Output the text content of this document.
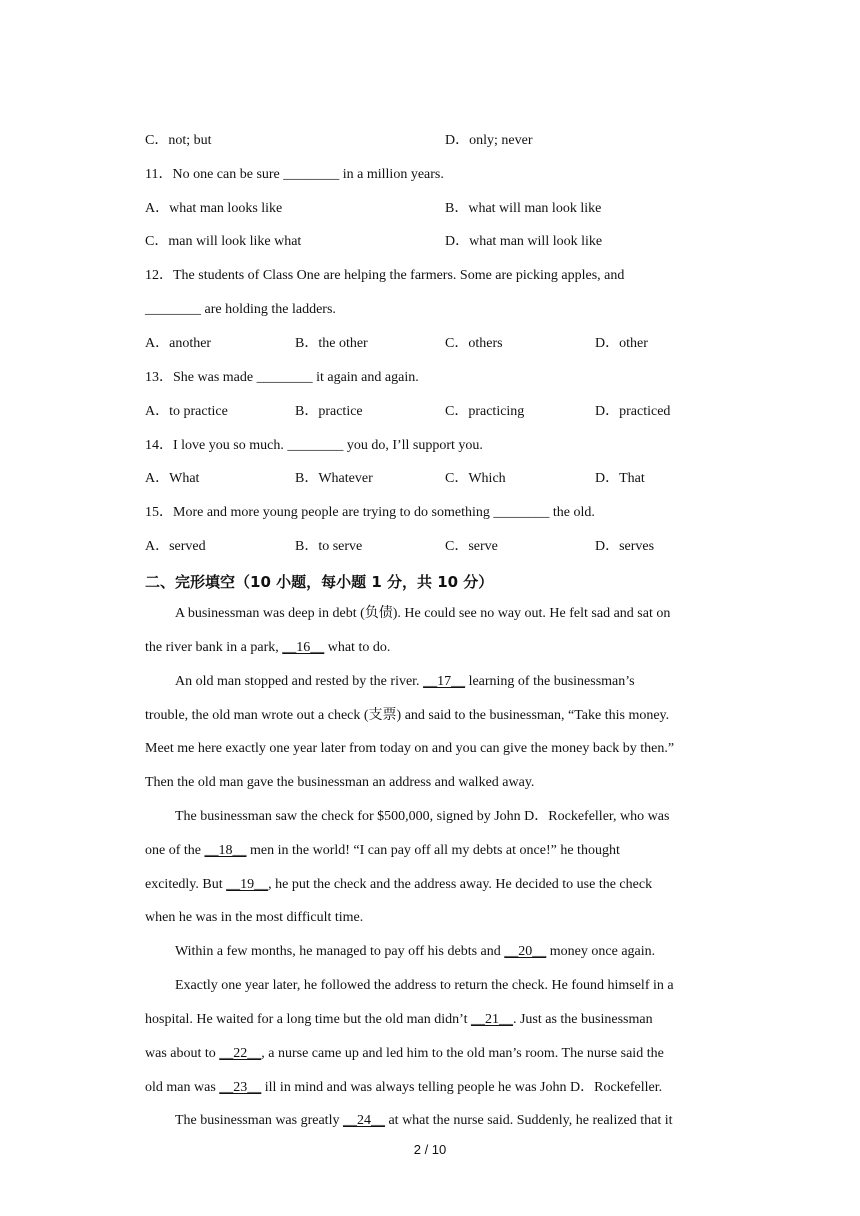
C．not; but	D．only; never
11．No one can be sure ________ in a million years.
A．what man looks like	B．what will man look like
C．man will look like what	D．what man will look like
12．The students of Class One are helping the farmers. Some are picking apples, and
________ are holding the ladders.
A．another	B．the other	C．others	D．other
13．She was made ________ it again and again.
A．to practice	B．practice	C．practicing	D．practiced
14．I love you so much. ________ you do, I’ll support you.
A．What	B．Whatever	C．Which	D．That
15．More and more young people are trying to do something ________ the old.
A．served	B．to serve	C．serve	D．serves
二、完形填空（10 小题，每小题 1 分，共 10 分）
A businessman was deep in debt (负债). He could see no way out. He felt sad and sat on
the river bank in a park, __16__ what to do.
An old man stopped and rested by the river. __17__ learning of the businessman’s
trouble, the old man wrote out a check (支票) and said to the businessman, “Take this money.
Meet me here exactly one year later from today on and you can give the money back by then.”
Then the old man gave the businessman an address and walked away.
The businessman saw the check for $500,000, signed by John D．Rockefeller, who was
one of the __18__ men in the world! “I can pay off all my debts at once!” he thought
excitedly. But __19__, he put the check and the address away. He decided to use the check
when he was in the most difficult time.
Within a few months, he managed to pay off his debts and __20__ money once again.
Exactly one year later, he followed the address to return the check. He found himself in a
hospital. He waited for a long time but the old man didn’t __21__. Just as the businessman
was about to __22__, a nurse came up and led him to the old man’s room. The nurse said the
old man was __23__ ill in mind and was always telling people he was John D．Rockefeller.
The businessman was greatly __24__ at what the nurse said. Suddenly, he realized that it
2 / 10
